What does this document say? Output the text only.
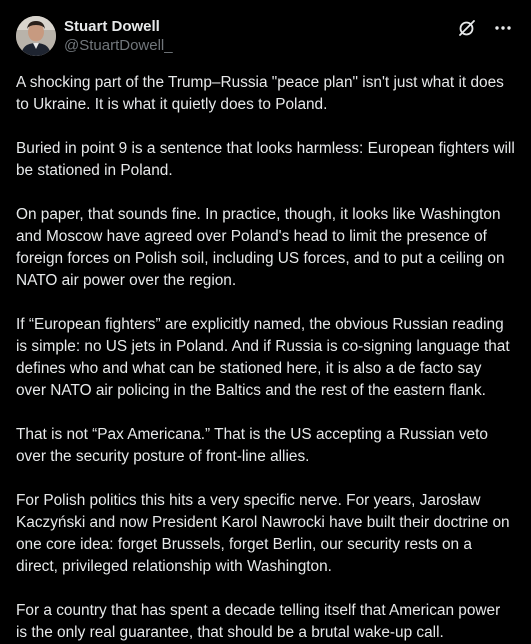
Stuart Dowell
@StuartDowell_

A shocking part of the Trump–Russia "peace plan" isn't just what it does to Ukraine. It is what it quietly does to Poland.

Buried in point 9 is a sentence that looks harmless: European fighters will be stationed in Poland.

On paper, that sounds fine. In practice, though, it looks like Washington and Moscow have agreed over Poland's head to limit the presence of foreign forces on Polish soil, including US forces, and to put a ceiling on NATO air power over the region.

If “European fighters” are explicitly named, the obvious Russian reading is simple: no US jets in Poland. And if Russia is co-signing language that defines who and what can be stationed here, it is also a de facto say over NATO air policing in the Baltics and the rest of the eastern flank.

That is not “Pax Americana.” That is the US accepting a Russian veto over the security posture of front-line allies.

For Polish politics this hits a very specific nerve. For years, Jarosław Kaczyński and now President Karol Nawrocki have built their doctrine on one core idea: forget Brussels, forget Berlin, our security rests on a direct, privileged relationship with Washington.

For a country that has spent a decade telling itself that American power is the only real guarantee, that should be a brutal wake-up call.
